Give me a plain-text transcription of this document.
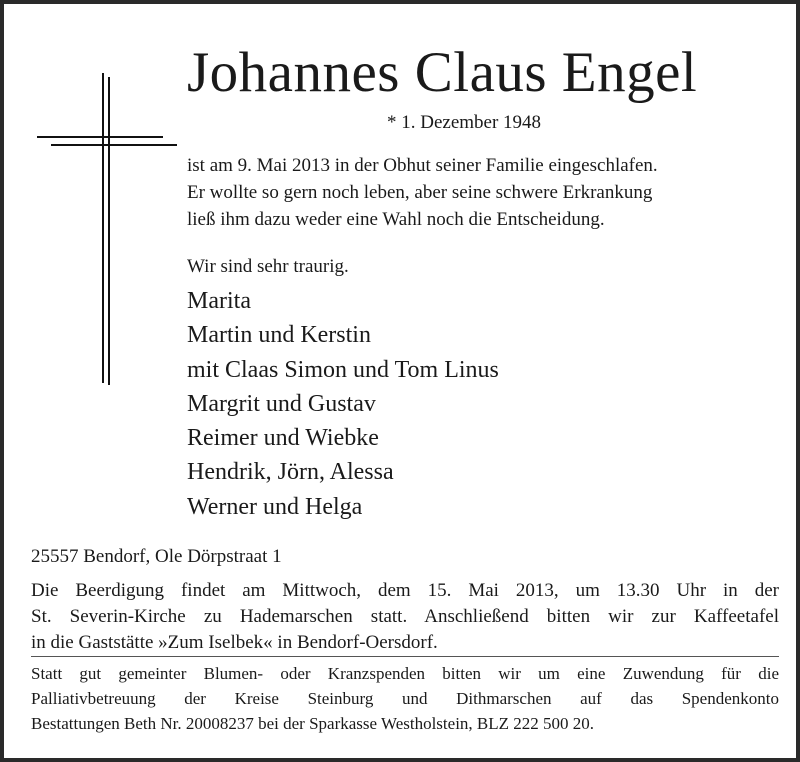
Johannes Claus Engel
* 1. Dezember 1948
ist am 9. Mai 2013 in der Obhut seiner Familie eingeschlafen.
Er wollte so gern noch leben, aber seine schwere Erkrankung
ließ ihm dazu weder eine Wahl noch die Entscheidung.
Wir sind sehr traurig.
Marita
Martin und Kerstin
mit Claas Simon und Tom Linus
Margrit und Gustav
Reimer und Wiebke
Hendrik, Jörn, Alessa
Werner und Helga
25557 Bendorf, Ole Dörpstraat 1
Die Beerdigung findet am Mittwoch, dem 15. Mai 2013, um 13.30 Uhr in der
St. Severin-Kirche zu Hademarschen statt. Anschließend bitten wir zur Kaffeetafel
in die Gaststätte »Zum Iselbek« in Bendorf-Oersdorf.
Statt gut gemeinter Blumen- oder Kranzspenden bitten wir um eine Zuwendung für die
Palliativbetreuung der Kreise Steinburg und Dithmarschen auf das Spendenkonto
Bestattungen Beth Nr. 20008237 bei der Sparkasse Westholstein, BLZ 222 500 20.
